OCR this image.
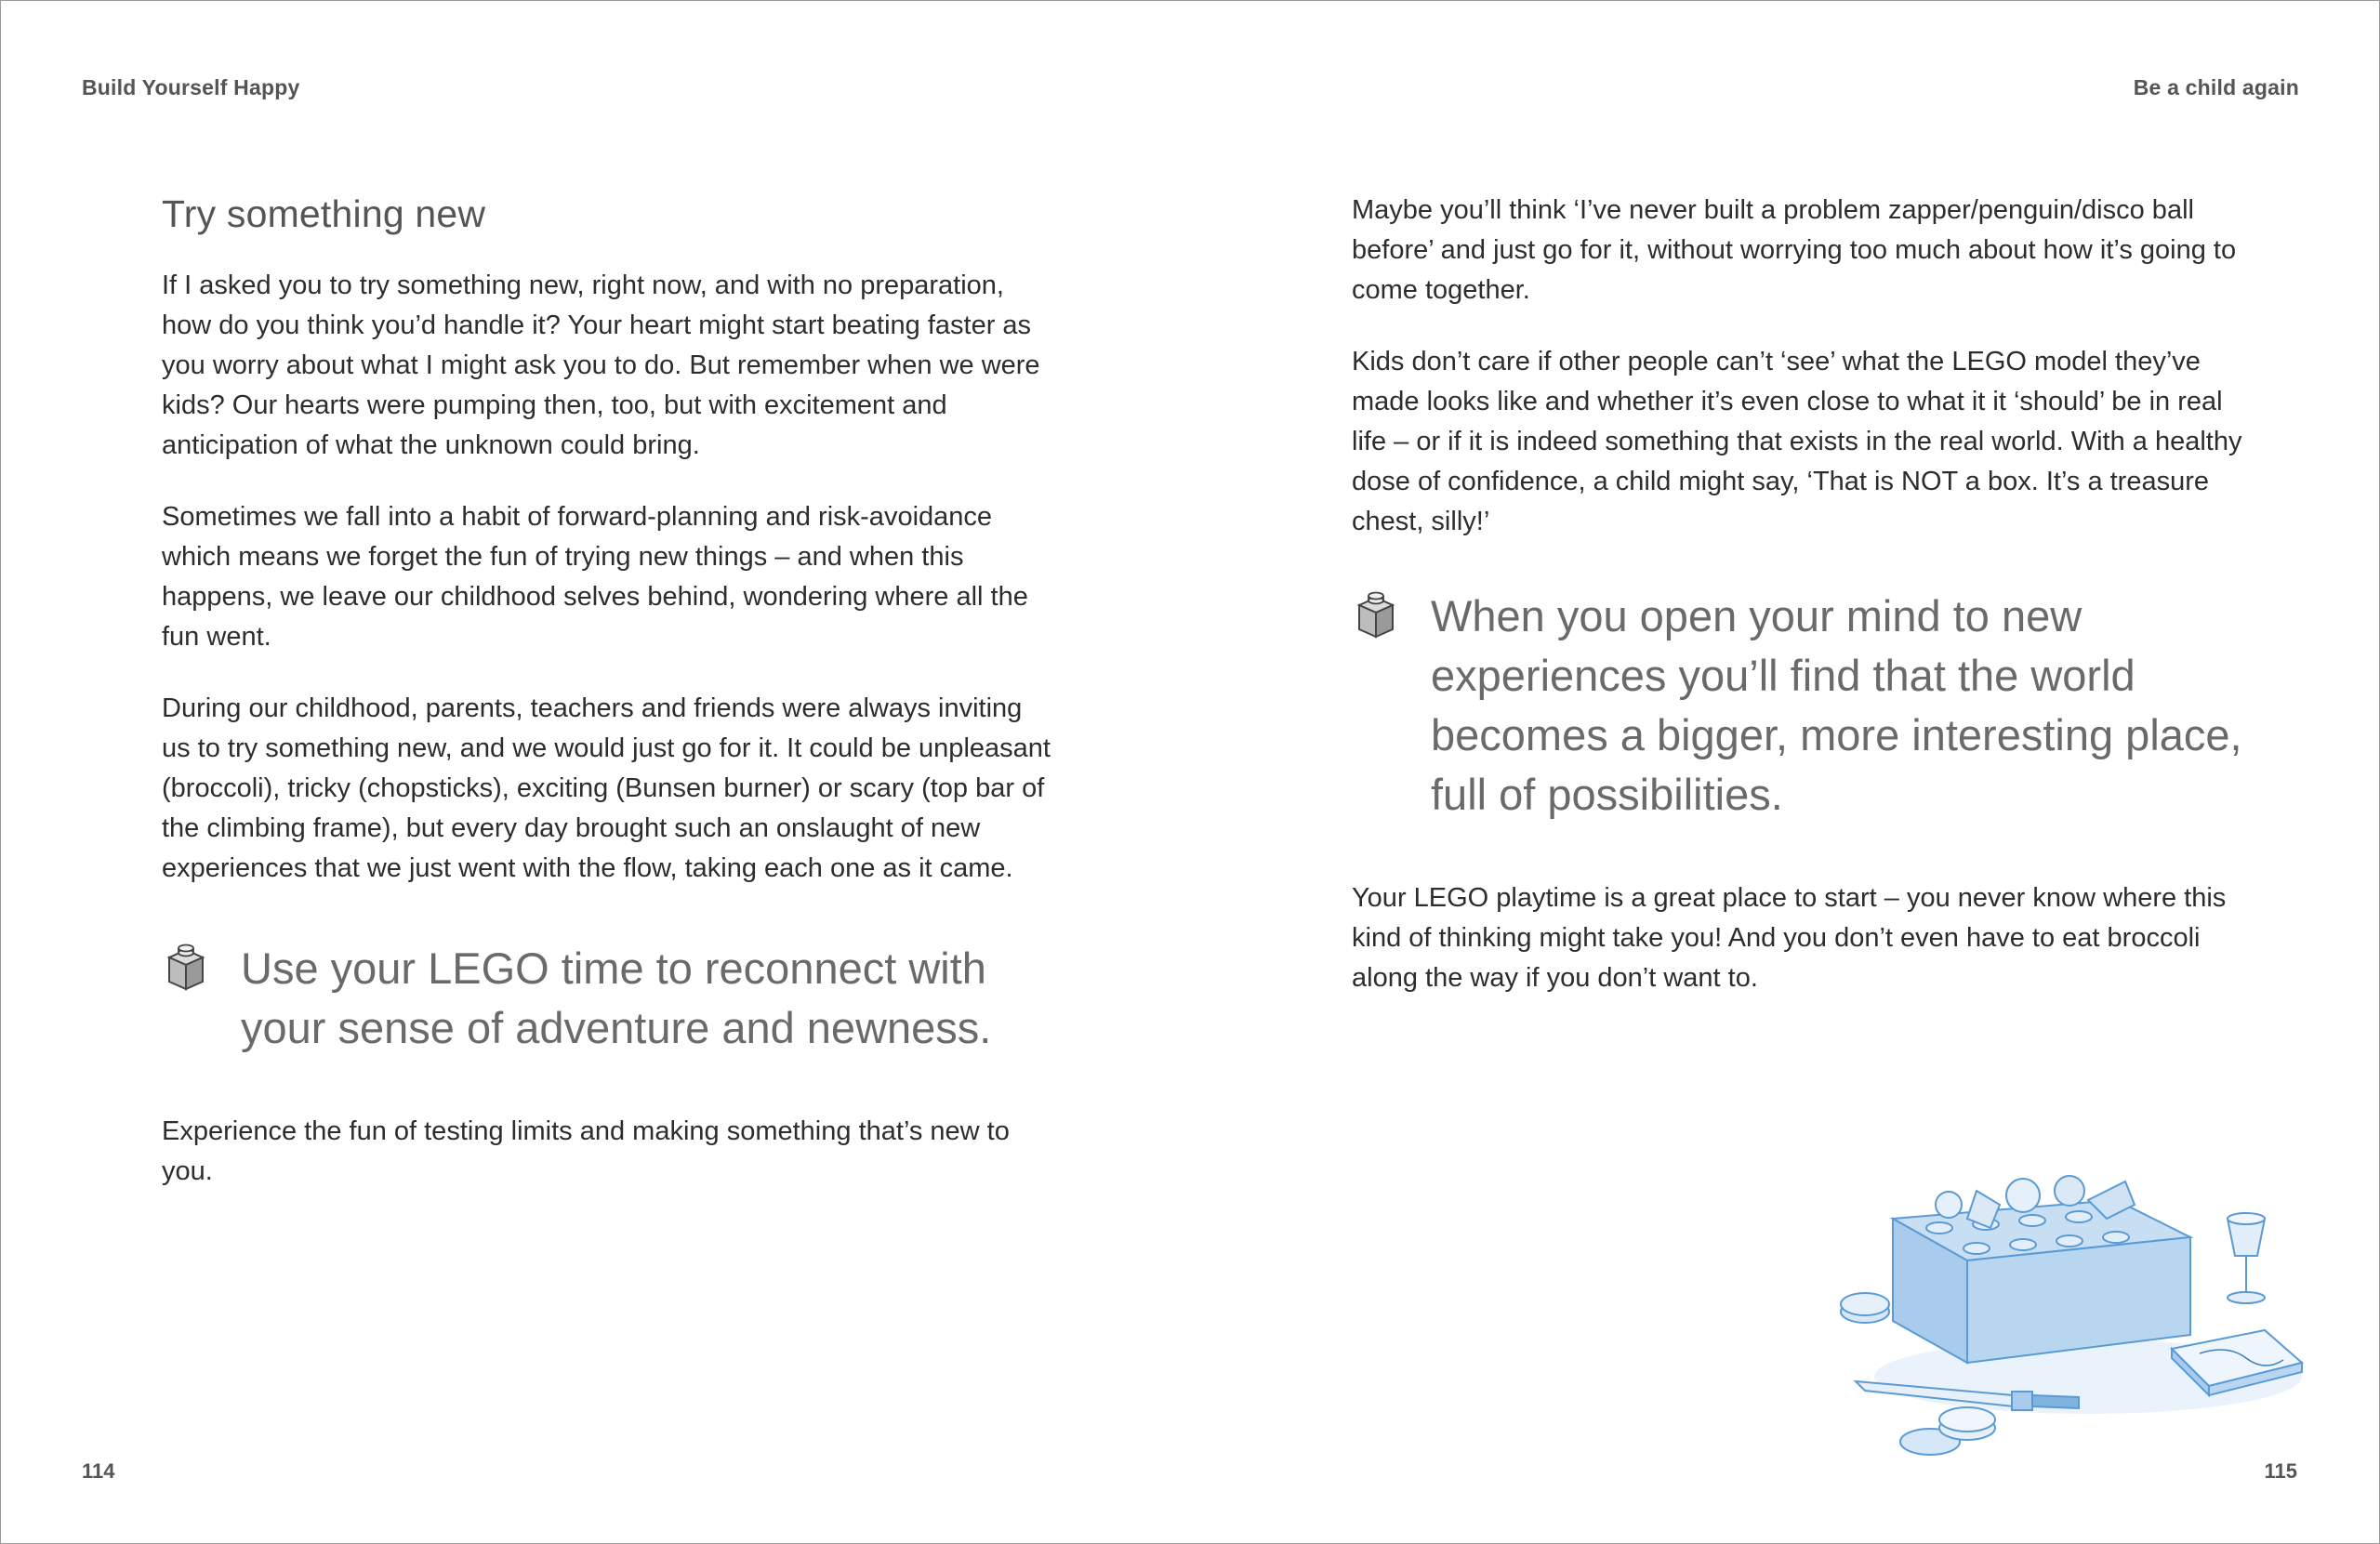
Build Yourself Happy	Be a child again
Try something new

If I asked you to try something new, right now, and with no preparation, how do you think you’d handle it? Your heart might start beating faster as you worry about what I might ask you to do. But remember when we were kids? Our hearts were pumping then, too, but with excitement and anticipation of what the unknown could bring.

Sometimes we fall into a habit of forward-planning and risk-avoidance which means we forget the fun of trying new things – and when this happens, we leave our childhood selves behind, wondering where all the fun went.

During our childhood, parents, teachers and friends were always inviting us to try something new, and we would just go for it. It could be unpleasant (broccoli), tricky (chopsticks), exciting (Bunsen burner) or scary (top bar of the climbing frame), but every day brought such an onslaught of new experiences that we just went with the flow, taking each one as it came.

Use your LEGO time to reconnect with your sense of adventure and newness.

Experience the fun of testing limits and making something that’s new to you.

Maybe you’ll think ‘I’ve never built a problem zapper/penguin/disco ball before’ and just go for it, without worrying too much about how it’s going to come together.

Kids don’t care if other people can’t ‘see’ what the LEGO model they’ve made looks like and whether it’s even close to what it it ‘should’ be in real life – or if it is indeed something that exists in the real world. With a healthy dose of confidence, a child might say, ‘That is NOT a box. It’s a treasure chest, silly!’

When you open your mind to new experiences you’ll find that the world becomes a bigger, more interesting place, full of possibilities.

Your LEGO playtime is a great place to start – you never know where this kind of thinking might take you! And you don’t even have to eat broccoli along the way if you don’t want to.

114	115
